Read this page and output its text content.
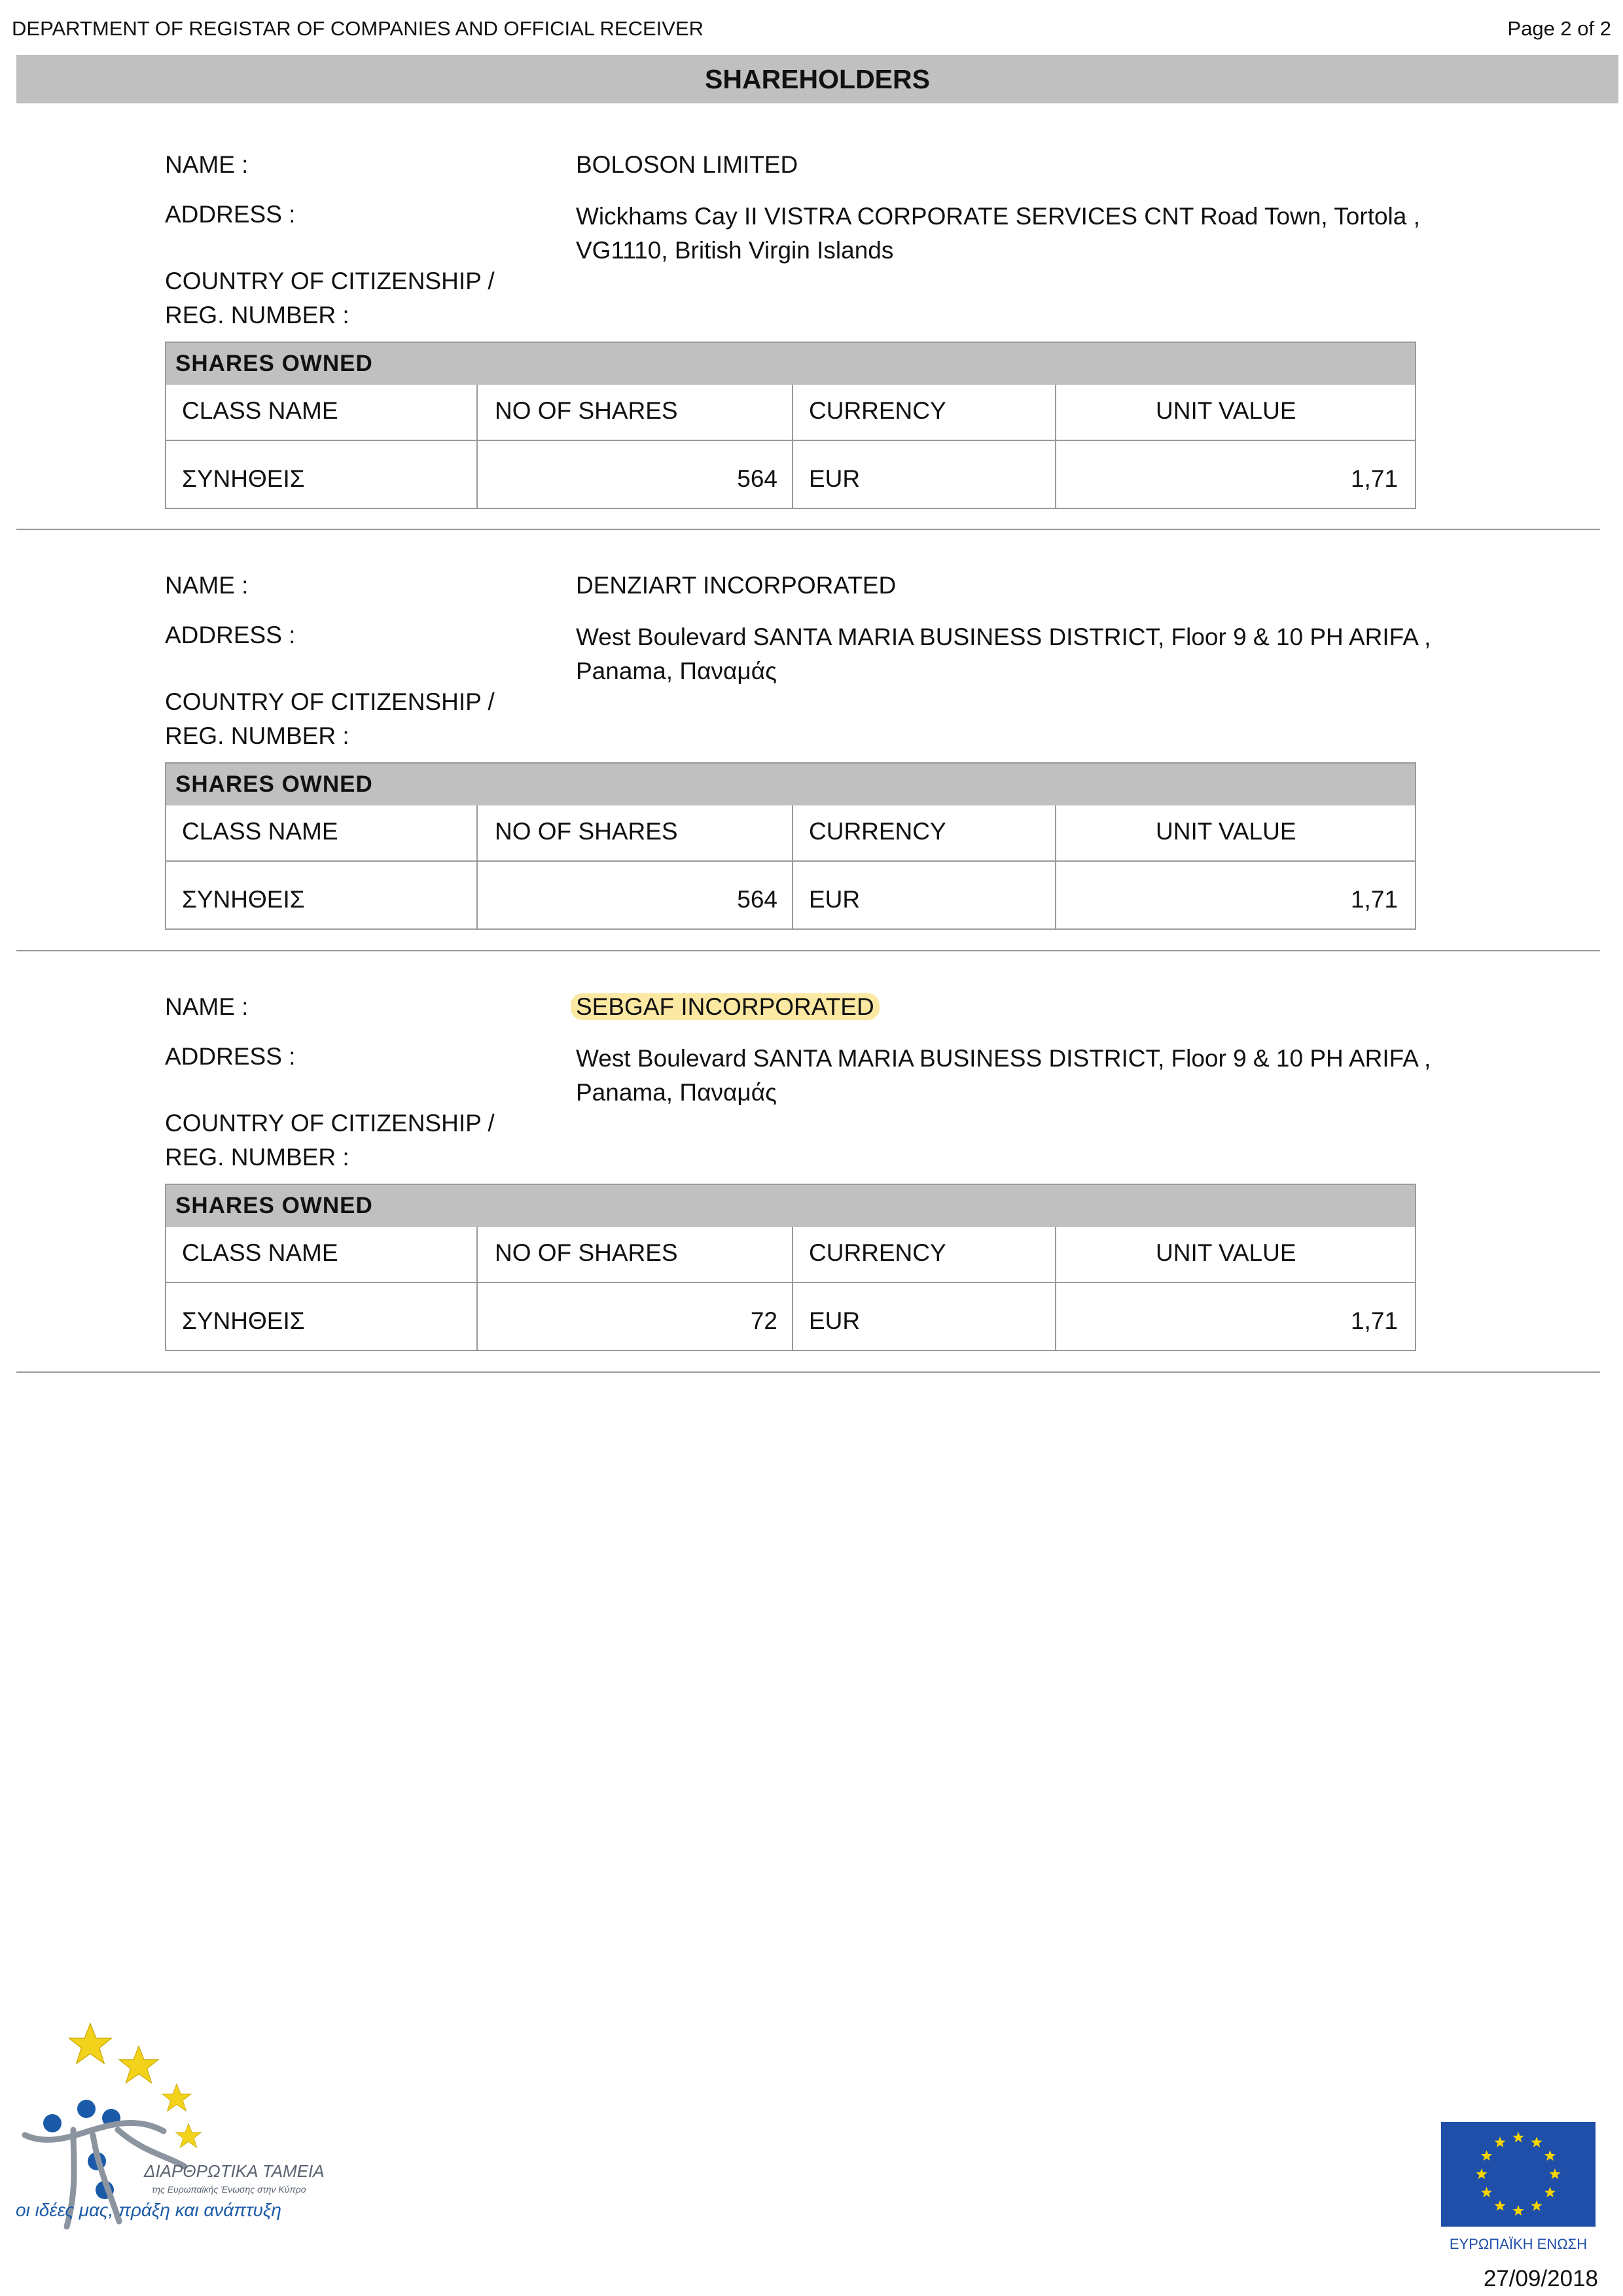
DEPARTMENT OF REGISTAR OF COMPANIES AND OFFICIAL RECEIVER	Page 2 of 2
SHAREHOLDERS
NAME :	BOLOSON LIMITED
ADDRESS :	Wickhams Cay II VISTRA CORPORATE SERVICES CNT Road Town, Tortola ,
VG1110, British Virgin Islands
COUNTRY OF CITIZENSHIP /
REG. NUMBER :
SHARES OWNED
CLASS NAME	NO OF SHARES	CURRENCY	UNIT VALUE
ΣΥΝΗΘΕΙΣ	564 EUR	1,71
NAME :	DENZIART INCORPORATED
ADDRESS :	West Boulevard SANTA MARIA BUSINESS DISTRICT, Floor 9 & 10 PH ARIFA ,
Panama, Παναμάς
COUNTRY OF CITIZENSHIP /
REG. NUMBER :
SHARES OWNED
CLASS NAME	NO OF SHARES	CURRENCY	UNIT VALUE
ΣΥΝΗΘΕΙΣ	564 EUR	1,71
NAME :	SEBGAF INCORPORATED
ADDRESS :	West Boulevard SANTA MARIA BUSINESS DISTRICT, Floor 9 & 10 PH ARIFA ,
Panama, Παναμάς
COUNTRY OF CITIZENSHIP /
REG. NUMBER :
SHARES OWNED
CLASS NAME	NO OF SHARES	CURRENCY	UNIT VALUE
ΣΥΝΗΘΕΙΣ	72 EUR	1,71
ΔΙΑΡΘΡΩΤΙΚΑ ΤΑΜΕΙΑ
της Ευρωπαϊκής Ένωσης στην Κύπρο
οι ιδέες μας, πράξη και ανάπτυξη
ΕΥΡΩΠΑΪΚΗ ΕΝΩΣΗ
27/09/2018
